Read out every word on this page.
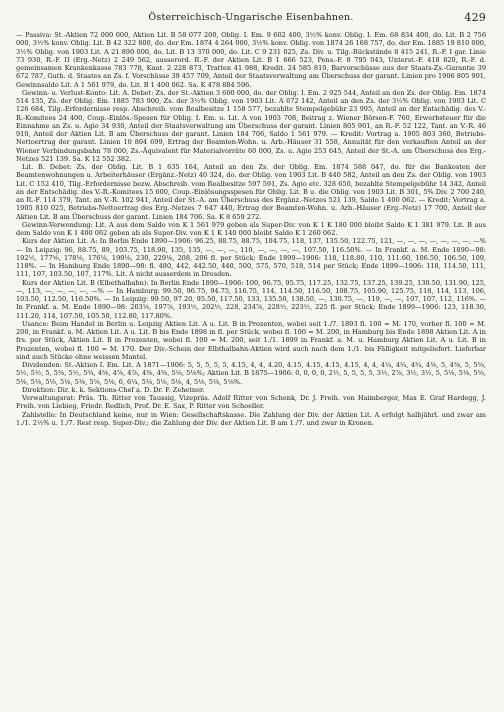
Österreichisch-Ungarische Eisenbahnen.	429

— Passiva: St.-Aktien 72 000 000, Aktien Lit. B 58 077 200, Oblig. I. Em. 9 602 400, 3½% konv. Oblig. I. Em. 68 834 400, do. Lit. B 2 756 000, 3½% konv. Oblig. Lit. B 42 322 800, do. der Em. 1874 4 264 000, 3½% konv. Oblig. von 1874 26 168 757, do. der Em. 1885 19 810 000, 3½% Oblig. von 1903 Lit. A 21 890 000, do. Lit. B 13 370 000, do. Lit. C 9 231 025, Zs. Div. u. Tilg.-Rückstände 8 415 241, R.-F. I gar. Linie 73 930, R.-F. II (Erg.-Netz) 2 249 562, ausserord. R.-F. der Aktien Lit. B 1 666 523, Pens.-F. 8 795 043, Unterst.-F. 418 820, R.-F. d. gemeinsamen Krankenkasse 783 778, Kaut. 2 228 873, Tratten 41 988, Kredit. 24 585 819, Barvorschüsse aus der Staats-Zs.-Garantie 39 672 787, Guth. d. Staates an Zs. f. Vorschüsse 39 457 709, Anteil der Staatsverwaltung am Überschuss der garant. Linien pro 1906 805 901, Gewinnsaldo Lit. A 1 561 979, do. Lit. B 1 400 062. Sa. K 478 884 596.

Gewinn- u. Verlust-Konto: Lit. A. Debet: Zs. der St.-Aktien 3 600 000, do. der Oblig. I. Em. 2 925 544, Anteil an den Zs. der Oblig. Em. 1874 514 135, Zs. der Oblig. Em. 1885 783 900, Zs. der 3½% Oblig. von 1903 Lit. A 672 142, Anteil an den Zs. der 3½% Oblig. von 1903 Lit. C 126 684, Tilg.-Erfordernisse resp. Abschreib. vom Realbesitze 1 158 577, bezahlte Stempelgebühr 23 995, Anteil an der Entschädig. des V.-R.-Komitees 24 400, Coup.-Einlös.-Spesen für Oblig. I. Em. u. Lit. A von 1903 708, Beitrag z. Wiener Börsen-F. 760, Erwerbsteuer für die Einnahme an Zs. u. Agio 34 930, Anteil der Staatsverwaltung am Überschuss der garant. Linien 805 901, an R.-F. 52 122, Tant. an V.-R. 46 910, Anteil der Aktien Lit. B am Überschuss der garant. Linien 184 706, Saldo 1 561 979. — Kredit: Vortrag a. 1905 803 360, Betriebs-Nettoertrag der garant. Linien 10 804 699, Ertrag der Beamten-Wohn. u. Arb.-Häuser 31 558, Annuität für den verkauften Anteil an der Wiener Verbindungsbahn 78 000, Zs.-Äquivalent für Materialvorräte 60 000, Zs. u. Agio 253 645, Anteil der St.-A. am Überschuss des Erg.-Netzes 521 139. Sa. K 12 552 382.

Lit. B. Debet: Zs. der Oblig. Lit. B 1 635 164, Anteil an den Zs. der Oblig. Em. 1874 588 047, do. für die Bankosten der Beamtenwohnungen u. Arbeiterhäuser (Ergänz.-Netz) 40 324, do. der Oblig. von 1903 Lit. B 440 582, Anteil an den Zs. der Oblig. von 1903 Lit. C 152 410, Tilg.-Erfordernisse bezw. Abschreib. vom Realbesitze 597 591, Zs. Agio etc. 328 650, bezahlte Stempelgebühr 14 342, Anteil an der Entschädig. des V.-R.-Komitees 15 600, Coup.-Einlösungsspesen für Oblig. Lit. B u. die Oblig. von 1903 Lit. B 301, 5% Div. 2 700 240, an R.-F. 114 379, Tant. an V.-R. 102 941, Anteil der St.-A. am Überschuss des Ergänz.-Netzes 521 139, Saldo 1 400 062. — Kredit: Vortrag a. 1905 810 025, Betriebs-Nettoertrag des Erg.-Netzes 7 647 440, Ertrag der Beamten-Wohn. u. Arb.-Häuser (Erg.-Netz) 17 700, Anteil der Aktien Lit. B am Überschuss der garant. Linien 184 706. Sa. K 8 659 272.

Gewinn-Verwendung: Lit. A aus dem Saldo von K 1 561 979 geben als Super-Div. von K 1 K 180 000 bleibt Saldo K 1 381 979. Lit. B aus dem Saldo von K 1 400 062 geben ab als Super-Div. von K 1 K 140 000 bleibt Saldo K 1 260 062.

Kurs der Aktien Lit. A: In Berlin Ende 1890—1906: 96.25, 88.75, 88.75, 104.75, 118, 137, 135.50, 122.75, 121, —, —, —, —, —, —, —, —% — In Leipzig: 96, 88.75, 89, 103.75, 118.90, 135, 135, —, —, —, 110, —, —, —, —, 107.50, 116.50%. — In Frankf. a. M. Ende 1890—98: 192½, 177⅝, 178⅛, 176⅛, 190⅛, 230, 229⅛, 208, 206 fl. per Stück; Ende 1899—1906: 118, 118.80, 110, 111.60, 106.50, 106.50, 109, 118%. — In Hamburg Ende 1890—98: fl. 480, 442, 442.50, 440, 500, 575, 570, 518, 514 per Stück; Ende 1899—1906: 118, 114.50, 111, 111, 107, 103.50, 107, 117%. Lit. A nicht ausserdem in Dresden.

Kurs der Aktien Lit. B (Elbethalbahn): In Berlin Ende 1890—1906: 100, 96.75, 95.75, 117.25, 132.75, 137.25, 139.25, 130.50, 131.90, 125, —, 113, —, —, —, —, —% — In Hamburg: 99.50, 96.75, 94.75, 116.75, 114, 114.50, 116.50, 108.75, 105.90, 125.75, 118, 114, 113, 106, 103.50, 112.50, 116.50%. — In Leipzig: 99.50, 97.20, 95.50, 117.50, 133, 135.50, 138.50, —, 130.75, —, 119, —, —, 107, 107, 112, 116%. — In Frankf. a. M. Ende 1890—98: 203⅛, 197⅞, 193½, 202½, 228, 234⅞, 228½, 223½, 225 fl. per Stück; Ende 1899—1906: 123, 118.30, 111.20, 114, 107.50, 105.50, 112.80, 117.80%.

Usance: Beim Handel in Berlin u. Leipzig Aktien Lit. A u. Lit. B in Prozenten, wobei seit 1./7. 1893 fl. 100 = M. 170, vorher fl. 100 = M. 200, in Frankf. a. M. Aktien Lit. A u. Lit. B bis Ende 1898 in fl. per Stück, wobei fl. 100 = M. 200, in Hamburg bis Ende 1898 Aktien Lit. A in frs. per Stück, Aktien Lit. B in Prozenten, wobei fl. 100 = M. 200, seit 1./1. 1899 in Frankf. a. M. u. Hamburg Aktien Lit. A u. Lit. B in Prozenten, wobei fl. 100 = M. 170. Der Div.-Schein der Elbthalbahn-Aktien wird auch nach dem 1./1. bis Fälligkeit mitgeliefert. Lieferbar sind auch Stücke ohne weissen Mantel.

Dividenden: St.-Aktien I. Em. Lit. A 1871—1906: 5, 5, 5, 5, 5, 4.15, 4, 4, 4.20, 4.15, 4.15, 4.15, 4.15, 4, 4, 4¼, 4¾, 4¾, 4⅜, 5, 4⅝, 5, 5⅛, 5½, 5½, 5, 5⅜, 5½, 5¾, 4⅝, 4⅞, 4⅞, 4⅜, 4⅜, 5⅛, 5⅛%; Aktien Lit. B 1875—1906: 0, 0, 0, 0, 2½, 5, 5, 5, 5, 3½, 2⅞, 3½, 3½, 5, 5⅛, 5⅛, 5⅛, 5⅛, 5⅛, 5⅛, 5⅛, 5⅛, 5⅛, 5⅛, 6, 6¼, 5⅛, 5⅛, 5⅛, 4, 5⅛, 5⅛, 5⅛%.

Direktion: Dir. k. k. Sektions-Chef a. D. Dr. F. Zehetner.

Verwaltungsrat: Präs. Th. Ritter von Taussig, Vizepräs. Adolf Ritter von Schenk, Dr. J. Freih. von Haimberger, Max E. Graf Hardegg, J. Freih. von Liebieg, Friedr. Redlich, Prof. Dr. E. Sax, P. Ritter von Schoeller.

Zahlstelle: In Deutschland keine, nur in Wien: Gesellschaftskasse. Die Zahlung der Div. der Aktien Lit. A erfolgt halbjährl. und zwar am 1./1. 2½% u. 1./7. Rest resp. Super-Div.; die Zahlung der Div. der Aktien Lit. B am 1./7. und zwar in Kronen.
